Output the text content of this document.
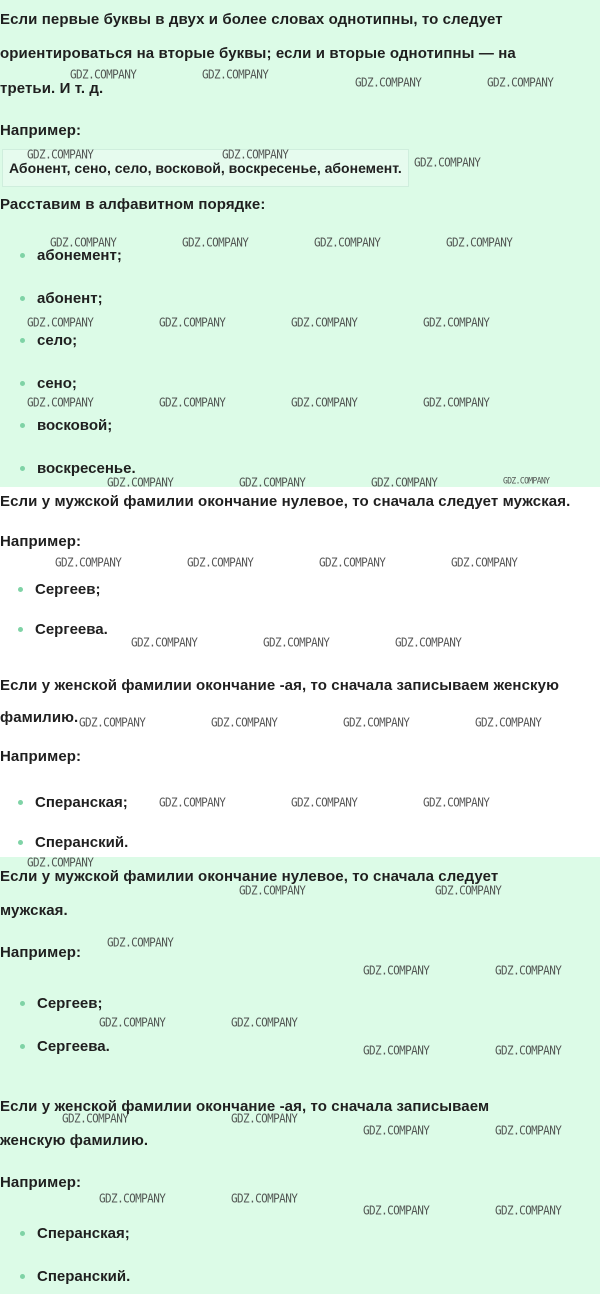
Если первые буквы в двух и более словах однотипны, то следует
ориентироваться на вторые буквы; если и вторые однотипны — на
третьи. И т. д.
Например:
Абонент, сено, село, восковой, воскресенье, абонемент.
Расставим в алфавитном порядке:
абонемент;
абонент;
село;
сено;
восковой;
воскресенье.
Если у мужской фамилии окончание нулевое, то сначала следует мужская.
Например:
Сергеев;
Сергеева.
Если у женской фамилии окончание -ая, то сначала записываем женскую
фамилию.
Например:
Сперанская;
Сперанский.
Если у мужской фамилии окончание нулевое, то сначала следует
мужская.
Например:
Сергеев;
Сергеева.
Если у женской фамилии окончание -ая, то сначала записываем
женскую фамилию.
Например:
Сперанская;
Сперанский.
GDZ.COMPANY	GDZ.COMPANY
GDZ.COMPANY	GDZ.COMPANY
GDZ.COMPANY	GDZ.COMPANY
GDZ.COMPANY
GDZ.COMPANY	GDZ.COMPANY	GDZ.COMPANY	GDZ.COMPANY
GDZ.COMPANY	GDZ.COMPANY	GDZ.COMPANY	GDZ.COMPANY
GDZ.COMPANY	GDZ.COMPANY	GDZ.COMPANY	GDZ.COMPANY
GDZ.COMPANY	GDZ.COMPANY	GDZ.COMPANY	GDZ.COMPANY
GDZ.COMPANY	GDZ.COMPANY	GDZ.COMPANY	GDZ.COMPANY
GDZ.COMPANY	GDZ.COMPANY	GDZ.COMPANY
GDZ.COMPANY	GDZ.COMPANY	GDZ.COMPANY	GDZ.COMPANY
GDZ.COMPANY	GDZ.COMPANY	GDZ.COMPANY
GDZ.COMPANY
GDZ.COMPANY	GDZ.COMPANY
GDZ.COMPANY
GDZ.COMPANY	GDZ.COMPANY
GDZ.COMPANY	GDZ.COMPANY
GDZ.COMPANY	GDZ.COMPANY
GDZ.COMPANY	GDZ.COMPANY
GDZ.COMPANY	GDZ.COMPANY
GDZ.COMPANY	GDZ.COMPANY
GDZ.COMPANY	GDZ.COMPANY
